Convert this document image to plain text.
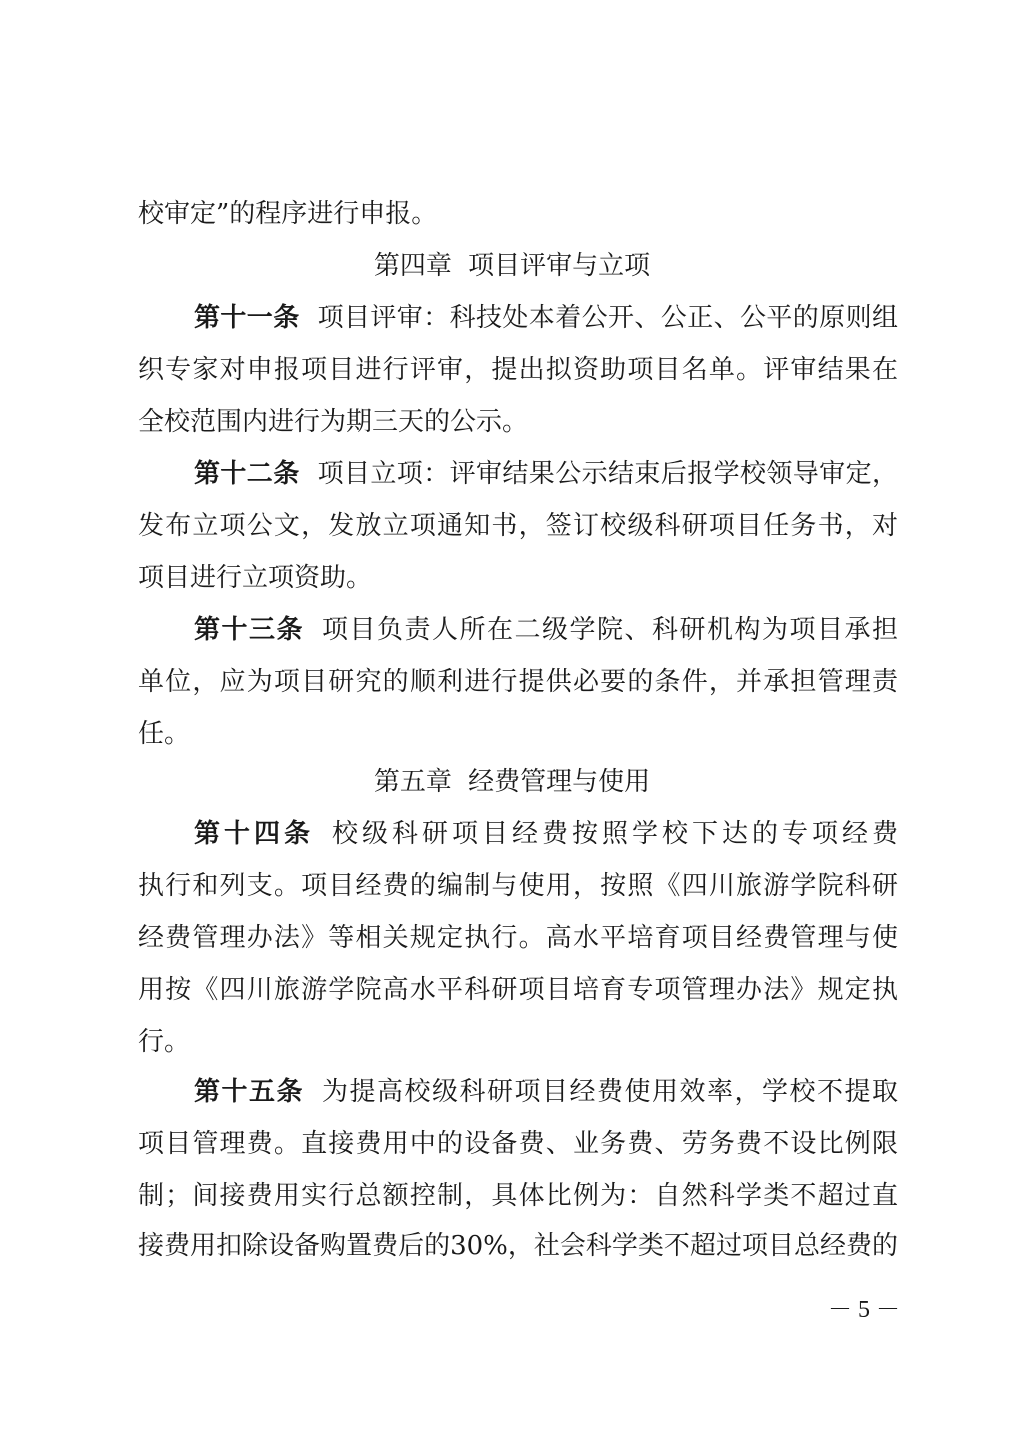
校审定”的程序进行申报。
第四章 项目评审与立项
第十一条 项目评审：科技处本着公开、公正、公平的原则组
织专家对申报项目进行评审，提出拟资助项目名单。评审结果在
全校范围内进行为期三天的公示。
第十二条 项目立项：评审结果公示结束后报学校领导审定，
发布立项公文，发放立项通知书，签订校级科研项目任务书，对
项目进行立项资助。
第十三条 项目负责人所在二级学院、科研机构为项目承担
单位，应为项目研究的顺利进行提供必要的条件，并承担管理责
任。
第五章 经费管理与使用
第十四条 校级科研项目经费按照学校下达的专项经费
执行和列支。项目经费的编制与使用，按照《四川旅游学院科研
经费管理办法》等相关规定执行。高水平培育项目经费管理与使
用按《四川旅游学院高水平科研项目培育专项管理办法》规定执
行。
第十五条 为提高校级科研项目经费使用效率，学校不提取
项目管理费。直接费用中的设备费、业务费、劳务费不设比例限
制；间接费用实行总额控制，具体比例为：自然科学类不超过直
接费用扣除设备购置费后的30%，社会科学类不超过项目总经费的
－ 5 －
